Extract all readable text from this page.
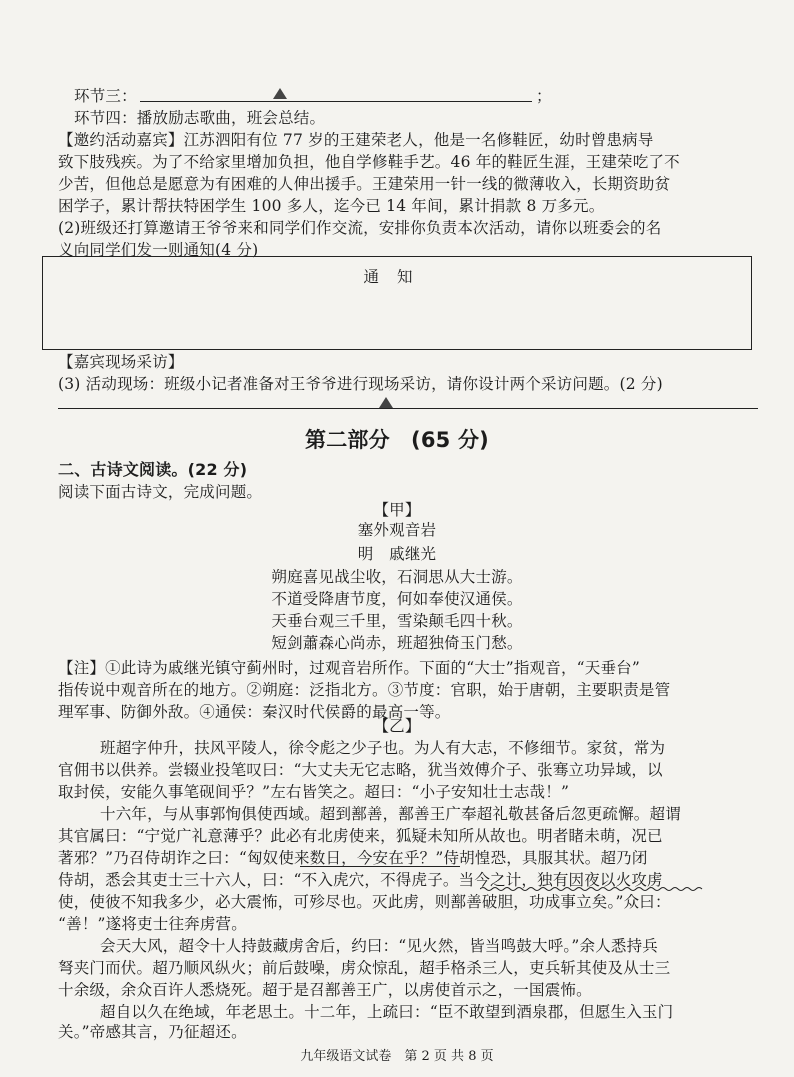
环节三：	；
环节四：播放励志歌曲，班会总结。
【邀约活动嘉宾】江苏泗阳有位 77 岁的王建荣老人，他是一名修鞋匠，幼时曾患病导
致下肢残疾。为了不给家里增加负担，他自学修鞋手艺。46 年的鞋匠生涯，王建荣吃了不
少苦，但他总是愿意为有困难的人伸出援手。王建荣用一针一线的微薄收入，长期资助贫
困学子，累计帮扶特困学生 100 多人，迄今已 14 年间，累计捐款 8 万多元。
(2)班级还打算邀请王爷爷来和同学们作交流，安排你负责本次活动，请你以班委会的名
义向同学们发一则通知(4 分)
通知
【嘉宾现场采访】
(3) 活动现场：班级小记者准备对王爷爷进行现场采访，请你设计两个采访问题。(2 分)
第二部分　(65 分)
二、古诗文阅读。(22 分)
阅读下面古诗文，完成问题。
【甲】
塞外观音岩
明　戚继光
朔庭喜见战尘收，石洞思从大士游。
不道受降唐节度，何如奉使汉通侯。
天垂台观三千里，雪染颠毛四十秋。
短剑蕭森心尚赤，班超独倚玉门愁。
【注】①此诗为戚继光镇守蓟州时，过观音岩所作。下面的“大士”指观音，“天垂台”
指传说中观音所在的地方。②朔庭：泛指北方。③节度：官职，始于唐朝，主要职责是管
理军事、防御外敌。④通侯：秦汉时代侯爵的最高一等。
【乙】
班超字仲升，扶风平陵人，徐令彪之少子也。为人有大志，不修细节。家贫，常为
官佣书以供养。尝辍业投笔叹曰：“大丈夫无它志略，犹当效傅介子、张骞立功异域，以
取封侯，安能久事笔砚间乎？”左右皆笑之。超曰：“小子安知壮士志哉！”
十六年，与从事郭恂俱使西域。超到鄯善，鄯善王广奉超礼敬甚备后忽更疏懈。超谓
其官属曰：“宁觉广礼意薄乎？此必有北虏使来，狐疑未知所从故也。明者睹未萌，况已
著邪？”乃召侍胡诈之曰：“匈奴使来数日，今安在乎？”侍胡惶恐，具服其状。超乃闭
侍胡，悉会其吏士三十六人，曰：“不入虎穴，不得虎子。当今之计，独有因夜以火攻虏
使，使彼不知我多少，必大震怖，可殄尽也。灭此虏，则鄯善破胆，功成事立矣。”众曰：
“善！”遂将吏士往奔虏营。
会天大风，超令十人持鼓藏虏舍后，约曰：“见火然，皆当鸣鼓大呼。”余人悉持兵
弩夹门而伏。超乃顺风纵火；前后鼓噪，虏众惊乱，超手格杀三人，吏兵斩其使及从士三
十余级，余众百许人悉烧死。超于是召鄯善王广，以虏使首示之，一国震怖。
超自以久在绝域，年老思土。十二年，上疏曰：“臣不敢望到酒泉郡，但愿生入玉门
关。”帝感其言，乃征超还。
九年级语文试卷　第 2 页 共 8 页
